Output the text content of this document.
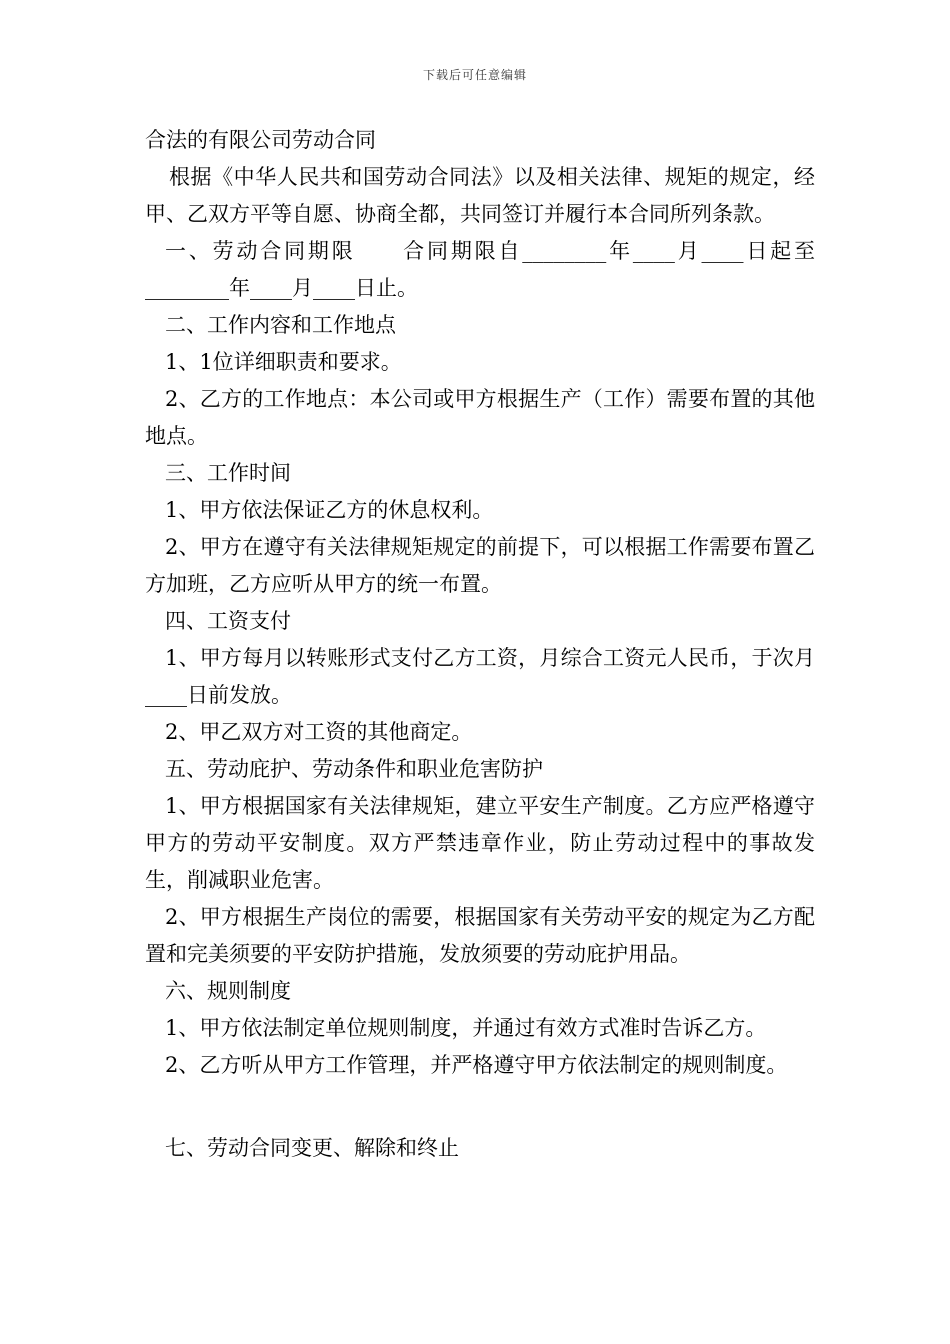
下载后可任意编辑

合法的有限公司劳动合同

根据《中华人民共和国劳动合同法》以及相关法律、规矩的规定，经甲、乙双方平等自愿、协商全都，共同签订并履行本合同所列条款。

一、劳动合同期限　　合同期限自________年____月____日起至________年____月____日止。

二、工作内容和工作地点

1、1位详细职责和要求。

2、乙方的工作地点：本公司或甲方根据生产（工作）需要布置的其他地点。

三、工作时间

1、甲方依法保证乙方的休息权利。

2、甲方在遵守有关法律规矩规定的前提下，可以根据工作需要布置乙方加班，乙方应听从甲方的统一布置。

四、工资支付

1、甲方每月以转账形式支付乙方工资，月综合工资元人民币，于次月____日前发放。

2、甲乙双方对工资的其他商定。

五、劳动庇护、劳动条件和职业危害防护

1、甲方根据国家有关法律规矩，建立平安生产制度。乙方应严格遵守甲方的劳动平安制度。双方严禁违章作业，防止劳动过程中的事故发生，削减职业危害。

2、甲方根据生产岗位的需要，根据国家有关劳动平安的规定为乙方配置和完美须要的平安防护措施，发放须要的劳动庇护用品。

六、规则制度

1、甲方依法制定单位规则制度，并通过有效方式准时告诉乙方。

2、乙方听从甲方工作管理，并严格遵守甲方依法制定的规则制度。

七、劳动合同变更、解除和终止
